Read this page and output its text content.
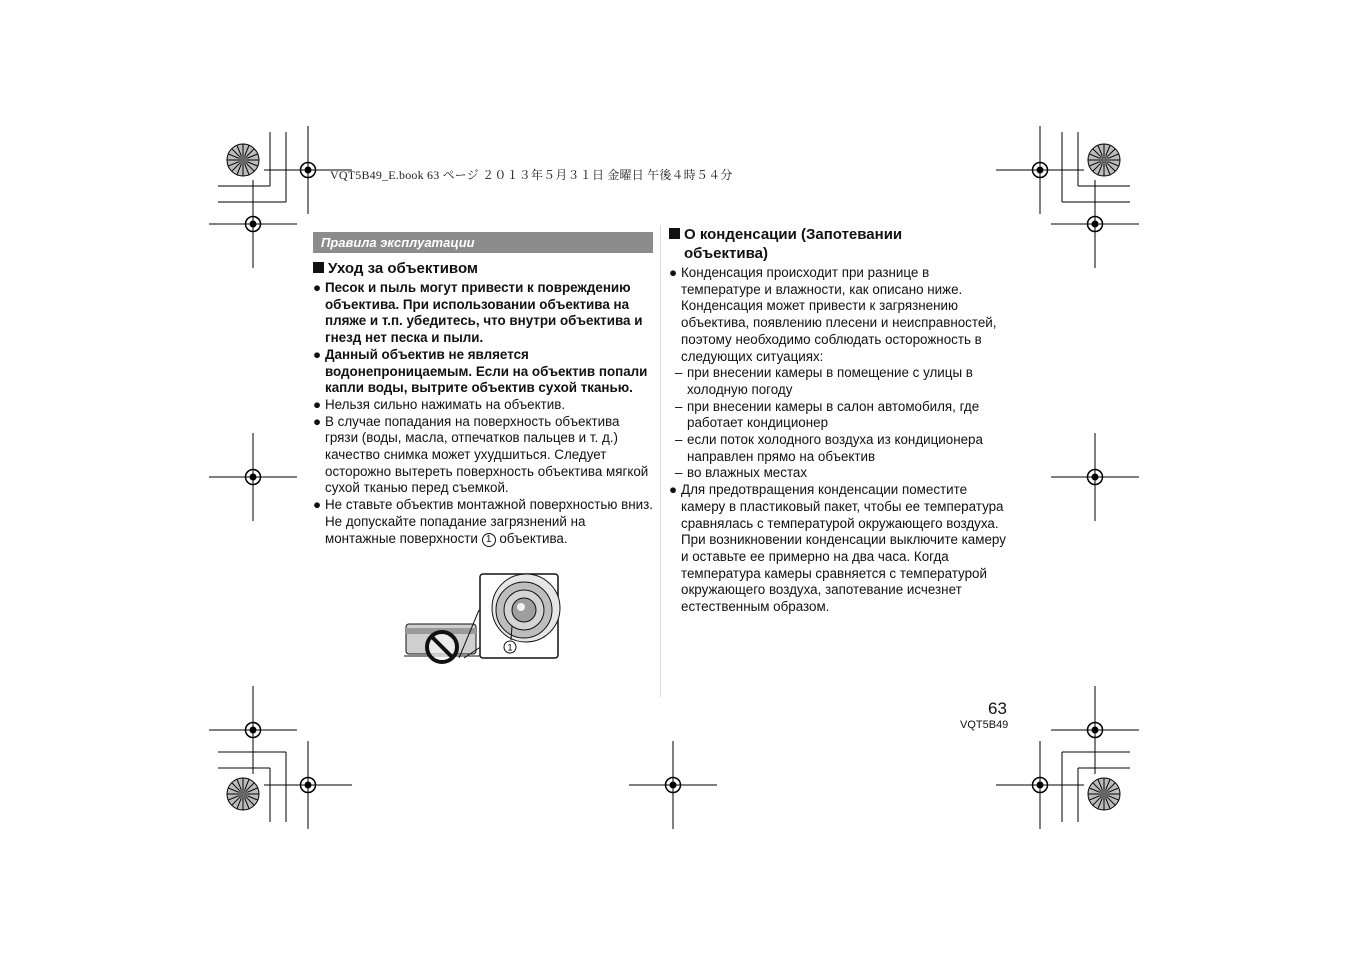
VQT5B49_E.book 63 ページ ２０１３年５月３１日 金曜日 午後４時５４分
Правила эксплуатации
Уход за объективом
● Песок и пыль могут привести к повреждению объектива. При использовании объектива на пляже и т.п. убедитесь, что внутри объектива и гнезд нет песка и пыли.
● Данный объектив не является водонепроницаемым. Если на объектив попали капли воды, вытрите объектив сухой тканью.
● Нельзя сильно нажимать на объектив.
● В случае попадания на поверхность объектива грязи (воды, масла, отпечатков пальцев и т. д.) качество снимка может ухудшиться. Следует осторожно вытереть поверхность объектива мягкой сухой тканью перед съемкой.
● Не ставьте объектив монтажной поверхностью вниз. Не допускайте попадание загрязнений на монтажные поверхности 1 объектива.
1
О конденсации (Запотевании
объектива)
● Конденсация происходит при разнице в температуре и влажности, как описано ниже. Конденсация может привести к загрязнению объектива, появлению плесени и неисправностей, поэтому необходимо соблюдать осторожность в следующих ситуациях:
– при внесении камеры в помещение с улицы в холодную погоду
– при внесении камеры в салон автомобиля, где работает кондиционер
– если поток холодного воздуха из кондиционера направлен прямо на объектив
– во влажных местах
● Для предотвращения конденсации поместите камеру в пластиковый пакет, чтобы ее температура сравнялась с температурой окружающего воздуха. При возникновении конденсации выключите камеру и оставьте ее примерно на два часа. Когда температура камеры сравняется с температурой окружающего воздуха, запотевание исчезнет естественным образом.
63
VQT5B49
